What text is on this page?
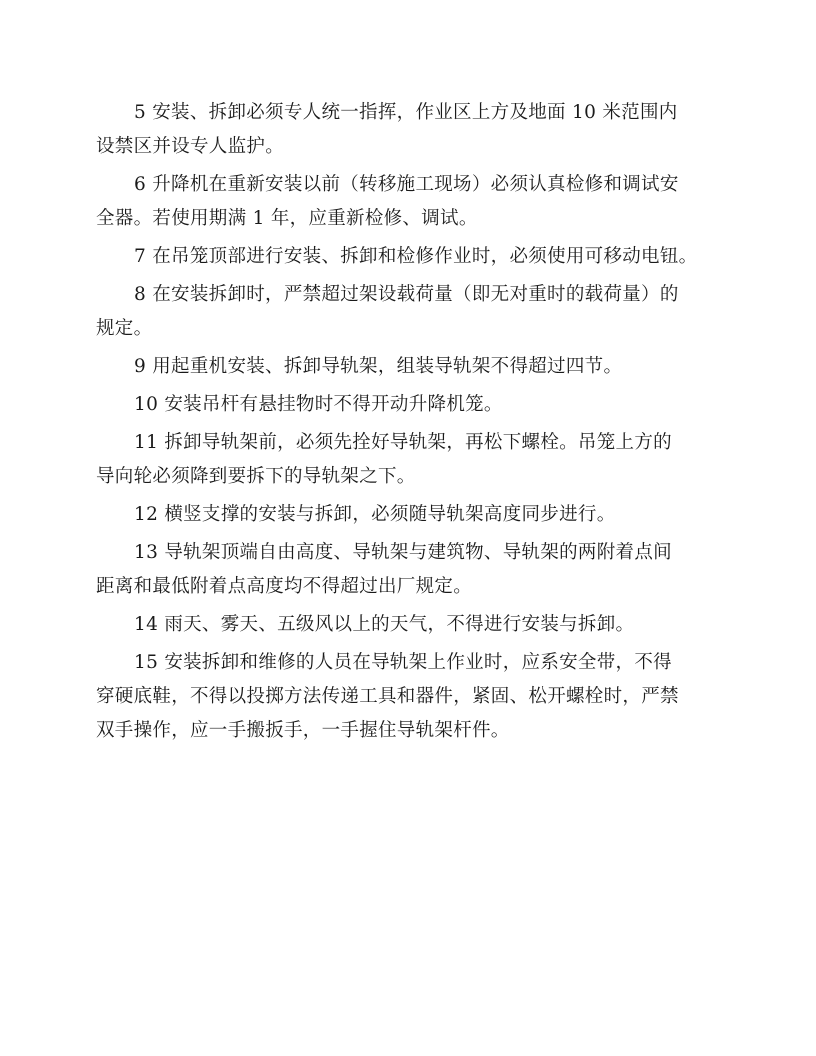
5 安装、拆卸必须专人统一指挥，作业区上方及地面 10 米范围内
设禁区并设专人监护。

6 升降机在重新安装以前（转移施工现场）必须认真检修和调试安
全器。若使用期满 1 年，应重新检修、调试。

7 在吊笼顶部进行安装、拆卸和检修作业时，必须使用可移动电钮。

8 在安装拆卸时，严禁超过架设载荷量（即无对重时的载荷量）的
规定。

9 用起重机安装、拆卸导轨架，组装导轨架不得超过四节。

10 安装吊杆有悬挂物时不得开动升降机笼。

11 拆卸导轨架前，必须先拴好导轨架，再松下螺栓。吊笼上方的
导向轮必须降到要拆下的导轨架之下。

12 横竖支撑的安装与拆卸，必须随导轨架高度同步进行。

13 导轨架顶端自由高度、导轨架与建筑物、导轨架的两附着点间
距离和最低附着点高度均不得超过出厂规定。

14 雨天、雾天、五级风以上的天气，不得进行安装与拆卸。

15 安装拆卸和维修的人员在导轨架上作业时，应系安全带，不得
穿硬底鞋，不得以投掷方法传递工具和器件，紧固、松开螺栓时，严禁
双手操作，应一手搬扳手，一手握住导轨架杆件。
